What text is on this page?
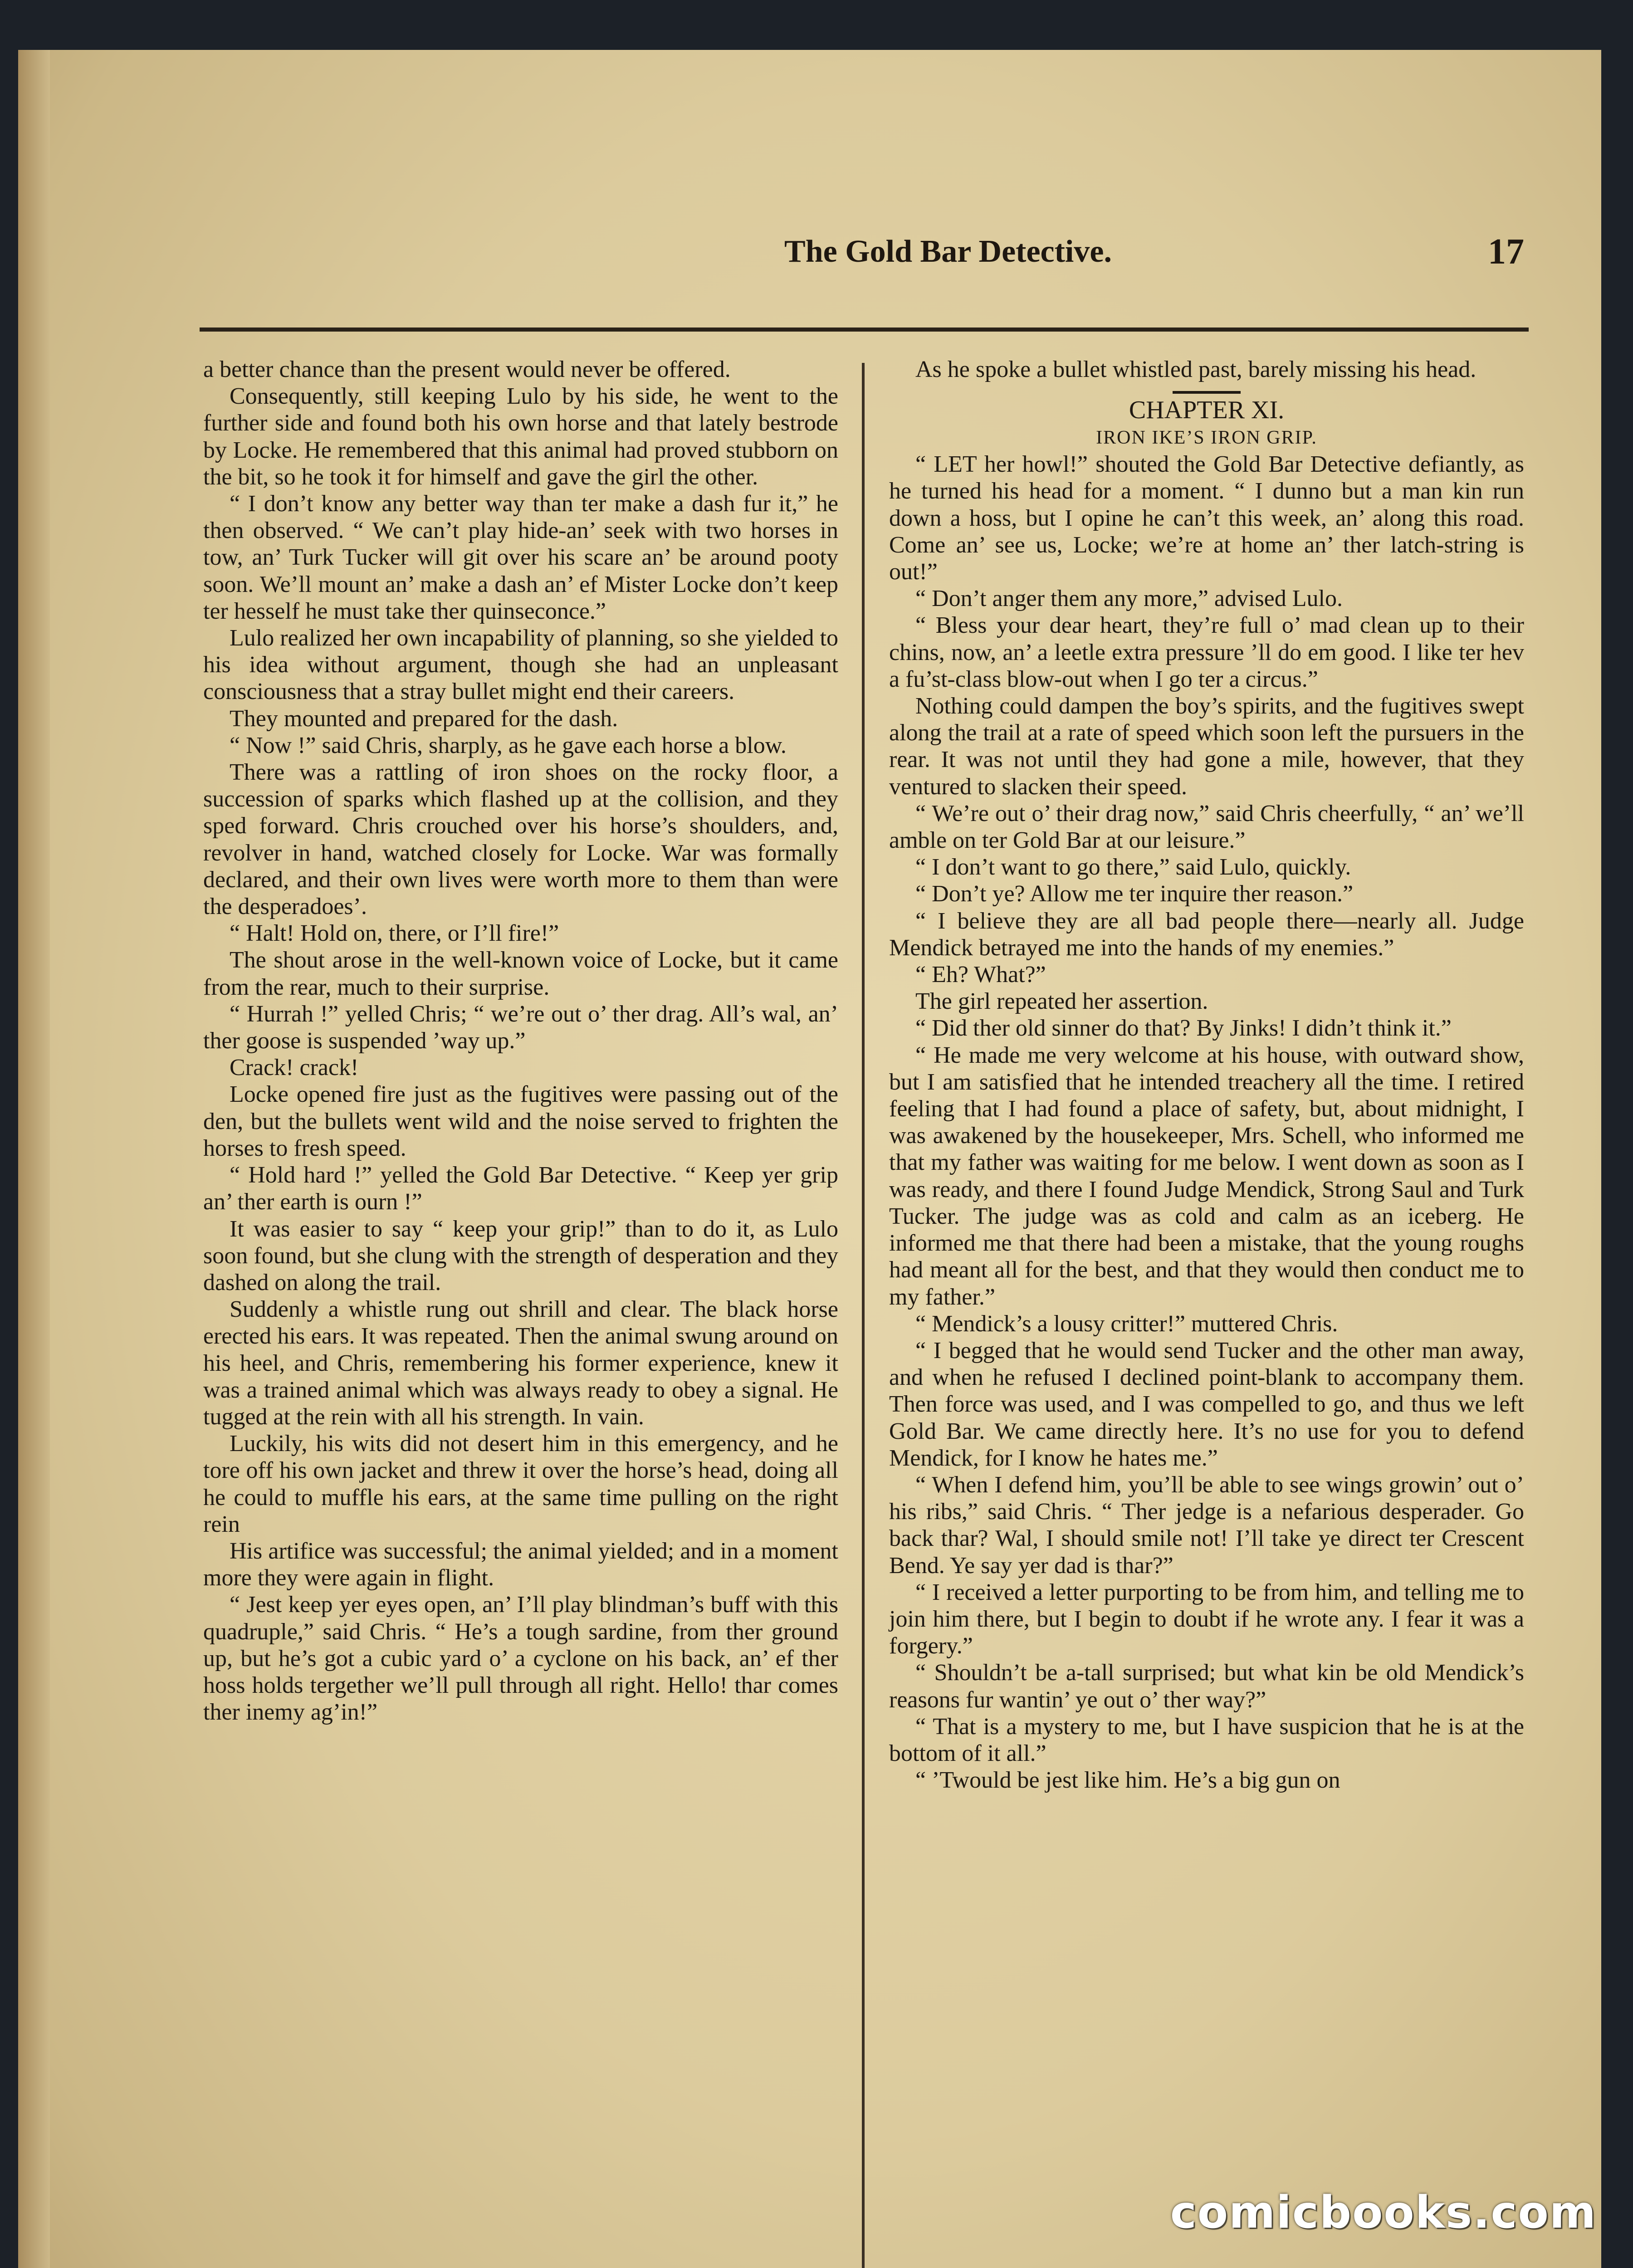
The Gold Bar Detective.	17

a better chance than the present would never be offered.

Consequently, still keeping Lulo by his side, he went to the further side and found both his own horse and that lately bestrode by Locke. He remembered that this animal had proved stubborn on the bit, so he took it for himself and gave the girl the other.

“ I don’t know any better way than ter make a dash fur it,” he then observed. “ We can’t play hide-an’ seek with two horses in tow, an’ Turk Tucker will git over his scare an’ be around pooty soon. We’ll mount an’ make a dash an’ ef Mister Locke don’t keep ter hesself he must take ther quinseconce.”

Lulo realized her own incapability of planning, so she yielded to his idea without argument, though she had an unpleasant consciousness that a stray bullet might end their careers.

They mounted and prepared for the dash.

“ Now !” said Chris, sharply, as he gave each horse a blow.

There was a rattling of iron shoes on the rocky floor, a succession of sparks which flashed up at the collision, and they sped forward. Chris crouched over his horse’s shoulders, and, revolver in hand, watched closely for Locke. War was formally declared, and their own lives were worth more to them than were the desperadoes’.

“ Halt! Hold on, there, or I’ll fire!”

The shout arose in the well-known voice of Locke, but it came from the rear, much to their surprise.

“ Hurrah !” yelled Chris; “ we’re out o’ ther drag. All’s wal, an’ ther goose is suspended ’way up.”

Crack! crack!

Locke opened fire just as the fugitives were passing out of the den, but the bullets went wild and the noise served to frighten the horses to fresh speed.

“ Hold hard !” yelled the Gold Bar Detective. “ Keep yer grip an’ ther earth is ourn !”

It was easier to say “ keep your grip!” than to do it, as Lulo soon found, but she clung with the strength of desperation and they dashed on along the trail.

Suddenly a whistle rung out shrill and clear. The black horse erected his ears. It was repeated. Then the animal swung around on his heel, and Chris, remembering his former experience, knew it was a trained animal which was always ready to obey a signal. He tugged at the rein with all his strength. In vain.

Luckily, his wits did not desert him in this emergency, and he tore off his own jacket and threw it over the horse’s head, doing all he could to muffle his ears, at the same time pulling on the right rein

His artifice was successful; the animal yielded; and in a moment more they were again in flight.

“ Jest keep yer eyes open, an’ I’ll play blindman’s buff with this quadruple,” said Chris. “ He’s a tough sardine, from ther ground up, but he’s got a cubic yard o’ a cyclone on his back, an’ ef ther hoss holds tergether we’ll pull through all right. Hello! thar comes ther inemy ag’in!”

As he spoke a bullet whistled past, barely missing his head.

CHAPTER XI.

IRON IKE’S IRON GRIP.

“ LET her howl!” shouted the Gold Bar Detective defiantly, as he turned his head for a moment. “ I dunno but a man kin run down a hoss, but I opine he can’t this week, an’ along this road. Come an’ see us, Locke; we’re at home an’ ther latch-string is out!”

“ Don’t anger them any more,” advised Lulo.

“ Bless your dear heart, they’re full o’ mad clean up to their chins, now, an’ a leetle extra pressure ’ll do em good. I like ter hev a fu’st-class blow-out when I go ter a circus.”

Nothing could dampen the boy’s spirits, and the fugitives swept along the trail at a rate of speed which soon left the pursuers in the rear. It was not until they had gone a mile, however, that they ventured to slacken their speed.

“ We’re out o’ their drag now,” said Chris cheerfully, “ an’ we’ll amble on ter Gold Bar at our leisure.”

“ I don’t want to go there,” said Lulo, quickly.

“ Don’t ye? Allow me ter inquire ther reason.”

“ I believe they are all bad people there—nearly all. Judge Mendick betrayed me into the hands of my enemies.”

“ Eh? What?”

The girl repeated her assertion.

“ Did ther old sinner do that? By Jinks! I didn’t think it.”

“ He made me very welcome at his house, with outward show, but I am satisfied that he intended treachery all the time. I retired feeling that I had found a place of safety, but, about midnight, I was awakened by the housekeeper, Mrs. Schell, who informed me that my father was waiting for me below. I went down as soon as I was ready, and there I found Judge Mendick, Strong Saul and Turk Tucker. The judge was as cold and calm as an iceberg. He informed me that there had been a mistake, that the young roughs had meant all for the best, and that they would then conduct me to my father.”

“ Mendick’s a lousy critter!” muttered Chris.

“ I begged that he would send Tucker and the other man away, and when he refused I declined point-blank to accompany them. Then force was used, and I was compelled to go, and thus we left Gold Bar. We came directly here. It’s no use for you to defend Mendick, for I know he hates me.”

“ When I defend him, you’ll be able to see wings growin’ out o’ his ribs,” said Chris. “ Ther jedge is a nefarious desperader. Go back thar? Wal, I should smile not! I’ll take ye direct ter Crescent Bend. Ye say yer dad is thar?”

“ I received a letter purporting to be from him, and telling me to join him there, but I begin to doubt if he wrote any. I fear it was a forgery.”

“ Shouldn’t be a-tall surprised; but what kin be old Mendick’s reasons fur wantin’ ye out o’ ther way?”

“ That is a mystery to me, but I have suspicion that he is at the bottom of it all.”

“ ’Twould be jest like him. He’s a big gun on

comicbooks.com
